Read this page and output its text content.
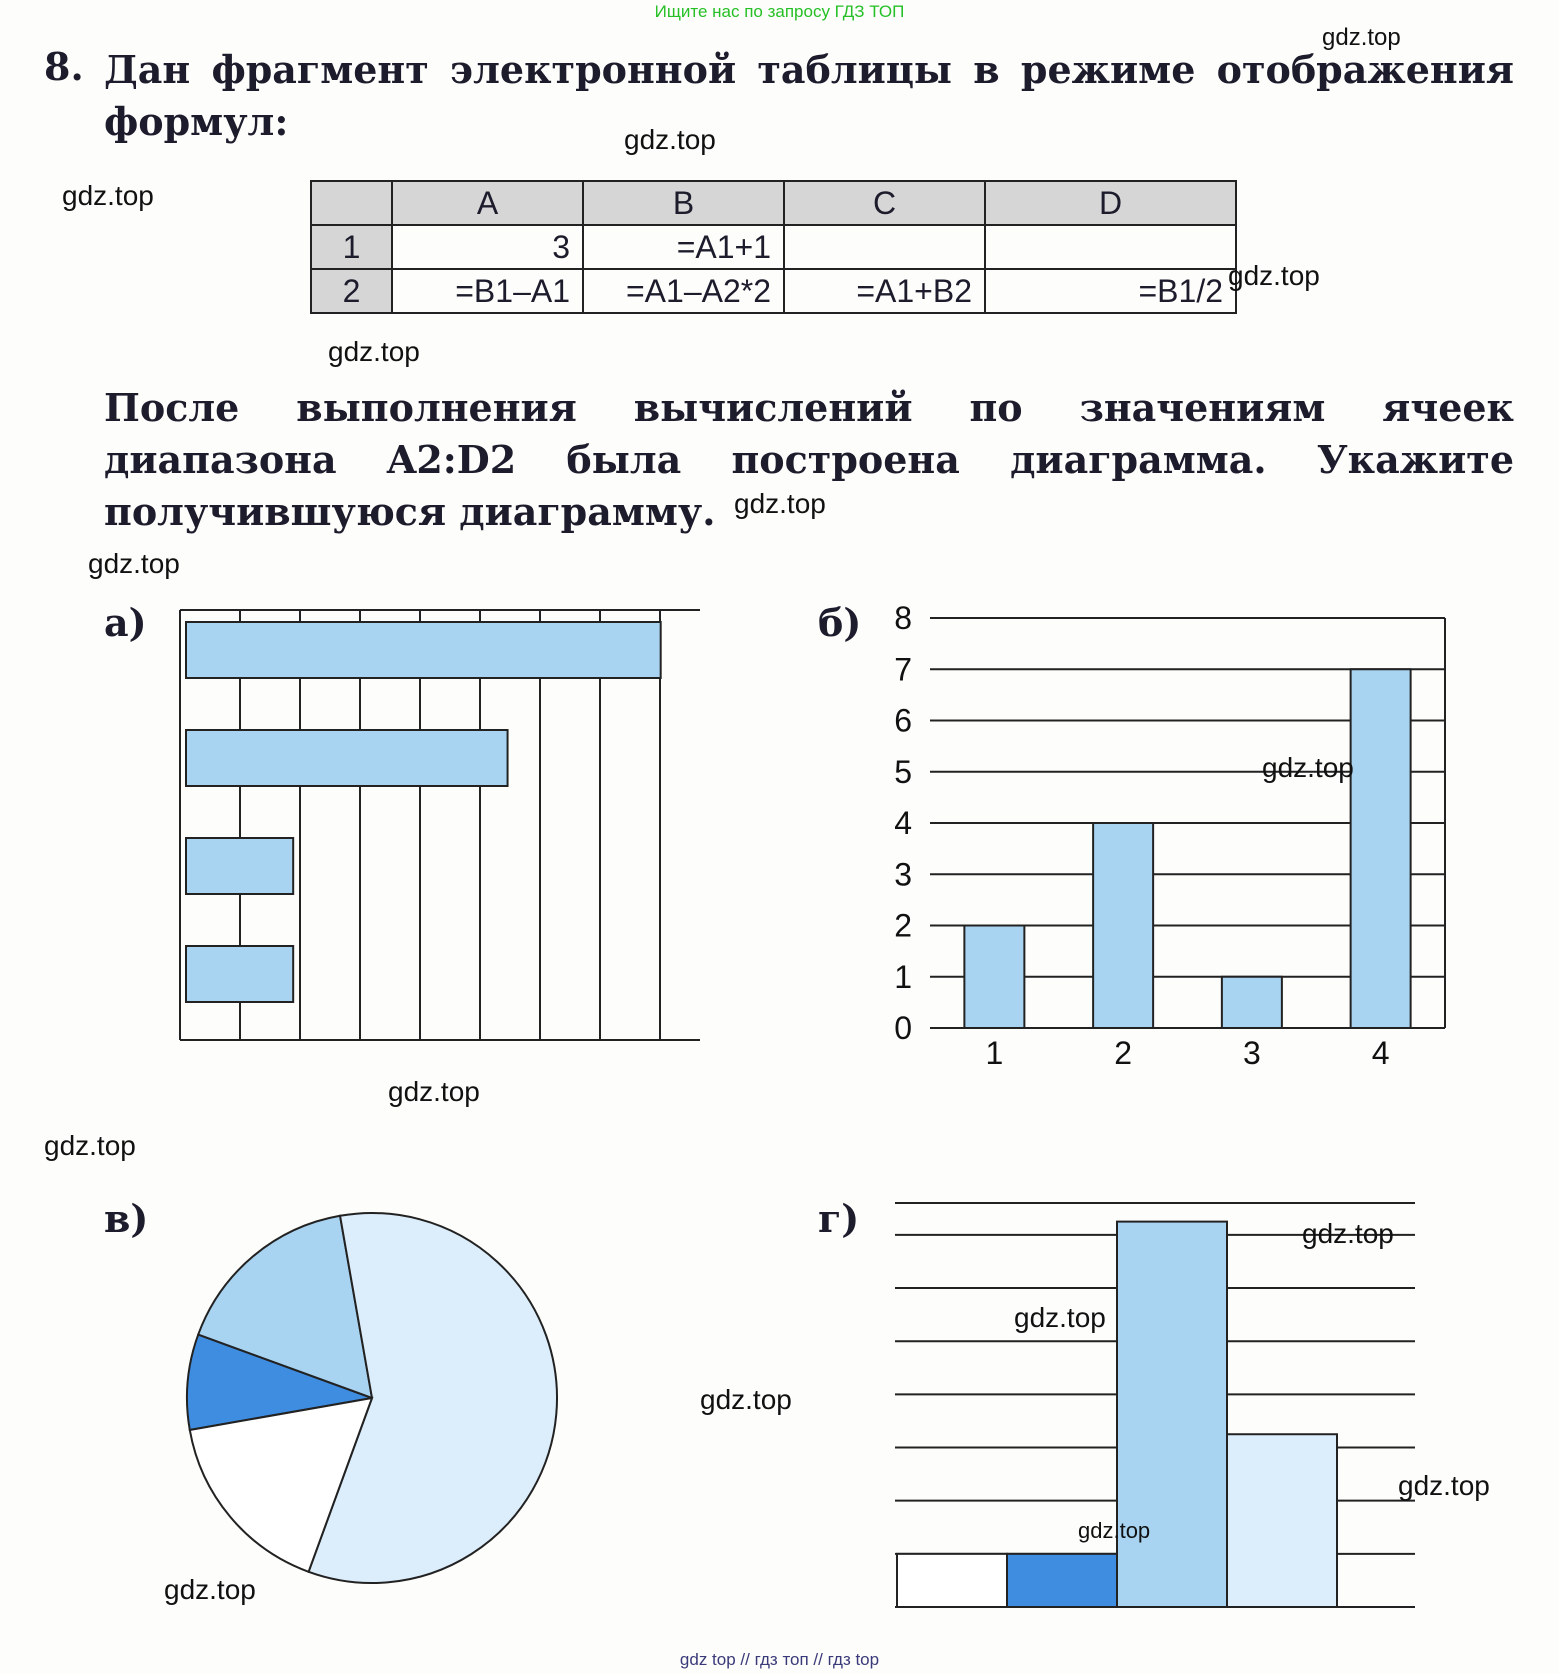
Ищите нас по запросу ГДЗ ТОП
8. Дан фрагмент электронной таблицы в режиме отображения формул:
	A	B	C	D
1	3	=A1+1		
2	=B1–A1	=A1–A2*2	=A1+B2	=B1/2
После выполнения вычислений по значениям ячеек диапазона A2:D2 была построена диаграмма. Укажите получившуюся диаграмму.
а)	б)
в)	г)
0
1
2
3
4
5
6
7
8
1	2	3	4
gdz.top
gdz.top
gdz.top
gdz.top
gdz.top
gdz.top
gdz.top
gdz.top
gdz.top
gdz.top
gdz.top
gdz.top
gdz.top
gdz.top
gdz.top
gdz.top
gdz top // гдз топ // гдз top
